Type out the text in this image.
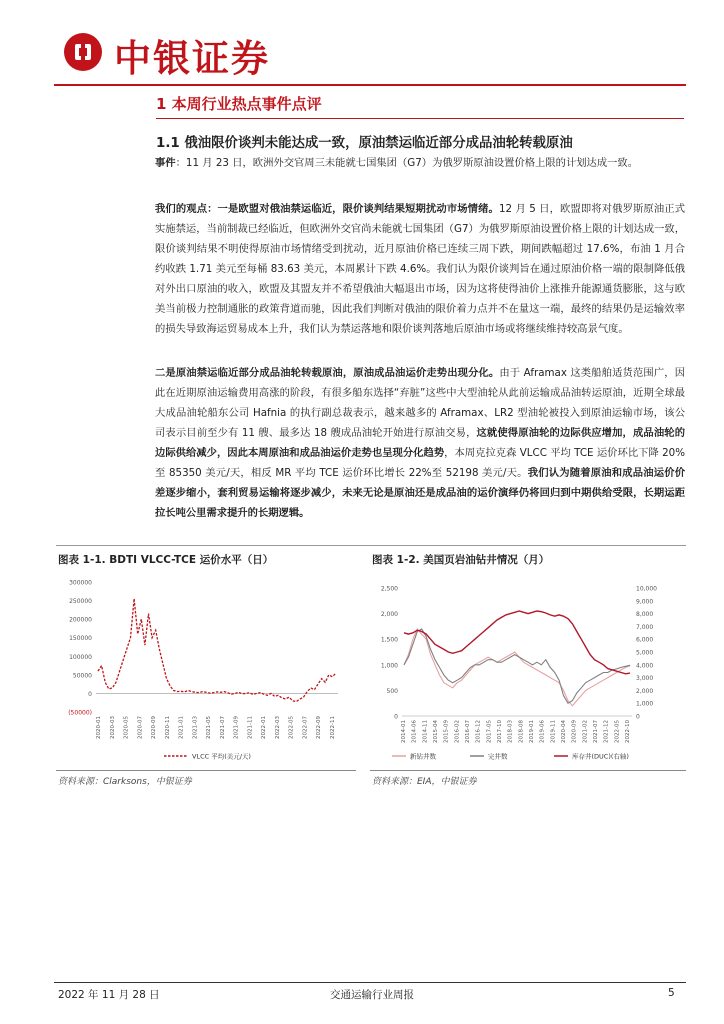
中银证券
1 本周行业热点事件点评
1.1 俄油限价谈判未能达成一致，原油禁运临近部分成品油轮转载原油
事件：11 月 23 日，欧洲外交官周三未能就七国集团（G7）为俄罗斯原油设置价格上限的计划达成一致。
我们的观点：一是欧盟对俄油禁运临近，限价谈判结果短期扰动市场情绪。12 月 5 日，欧盟即将对俄罗斯原油正式实施禁运，当前制裁已经临近，但欧洲外交官尚未能就七国集团（G7）为俄罗斯原油设置价格上限的计划达成一致，限价谈判结果不明使得原油市场情绪受到扰动，近月原油价格已连续三周下跌，期间跌幅超过 17.6%，布油 1 月合约收跌 1.71 美元至每桶 83.63 美元，本周累计下跌 4.6%。我们认为限价谈判旨在通过原油价格一端的限制降低俄对外出口原油的收入，欧盟及其盟友并不希望俄油大幅退出市场，因为这将使得油价上涨推升能源通货膨胀，这与欧美当前极力控制通胀的政策背道而驰，因此我们判断对俄油的限价着力点并不在量这一端，最终的结果仍是运输效率的损失导致海运贸易成本上升，我们认为禁运落地和限价谈判落地后原油市场或将继续维持较高景气度。
二是原油禁运临近部分成品油轮转载原油，原油成品油运价走势出现分化。由于 Aframax 这类船舶适货范围广，因此在近期原油运输费用高涨的阶段，有很多船东选择“弃脏”这些中大型油轮从此前运输成品油转运原油，近期全球最大成品油轮船东公司 Hafnia 的执行副总裁表示，越来越多的 Aframax、LR2 型油轮被投入到原油运输市场，该公司表示目前至少有 11 艘、最多达 18 艘成品油轮开始进行原油交易，这就使得原油轮的边际供应增加，成品油轮的边际供给减少，因此本周原油和成品油运价走势也呈现分化趋势，本周克拉克森 VLCC 平均 TCE 运价环比下降 20%至 85350 美元/天，相反 MR 平均 TCE 运价环比增长 22%至 52198 美元/天。我们认为随着原油和成品油运价价差逐步缩小，套利贸易运输将逐步减少，未来无论是原油还是成品油的运价演绎仍将回归到中期供给受限，长期运距拉长吨公里需求提升的长期逻辑。
图表 1-1. BDTI VLCC-TCE 运价水平（日）	图表 1-2. 美国页岩油钻井情况（月）
300000
250000
200000
150000
100000
50000
0
(50000)
2020-01 2020-03 2020-05 2020-07 2020-09 2020-11 2021-01 2021-03 2021-05 2021-07 2021-09 2021-11 2022-01 2022-03 2022-05 2022-07 2022-09 2022-11
VLCC 平均(美元/天)
2,500
2,000
1,500
1,000
500
0
10,000
9,000
8,000
7,000
6,000
5,000
4,000
3,000
2,000
1,000
0
2014-01 2014-06 2014-11 2015-04 2015-09 2016-02 2016-07 2016-12 2017-05 2017-10 2018-03 2018-08 2019-01 2019-06 2019-11 2020-04 2020-09 2021-02 2021-07 2021-12 2022-05 2022-10
新钻井数	完井数	库存井(DUC)(右轴)
资料来源：Clarksons，中银证券	资料来源：EIA，中银证券
2022 年 11 月 28 日	交通运输行业周报	5
